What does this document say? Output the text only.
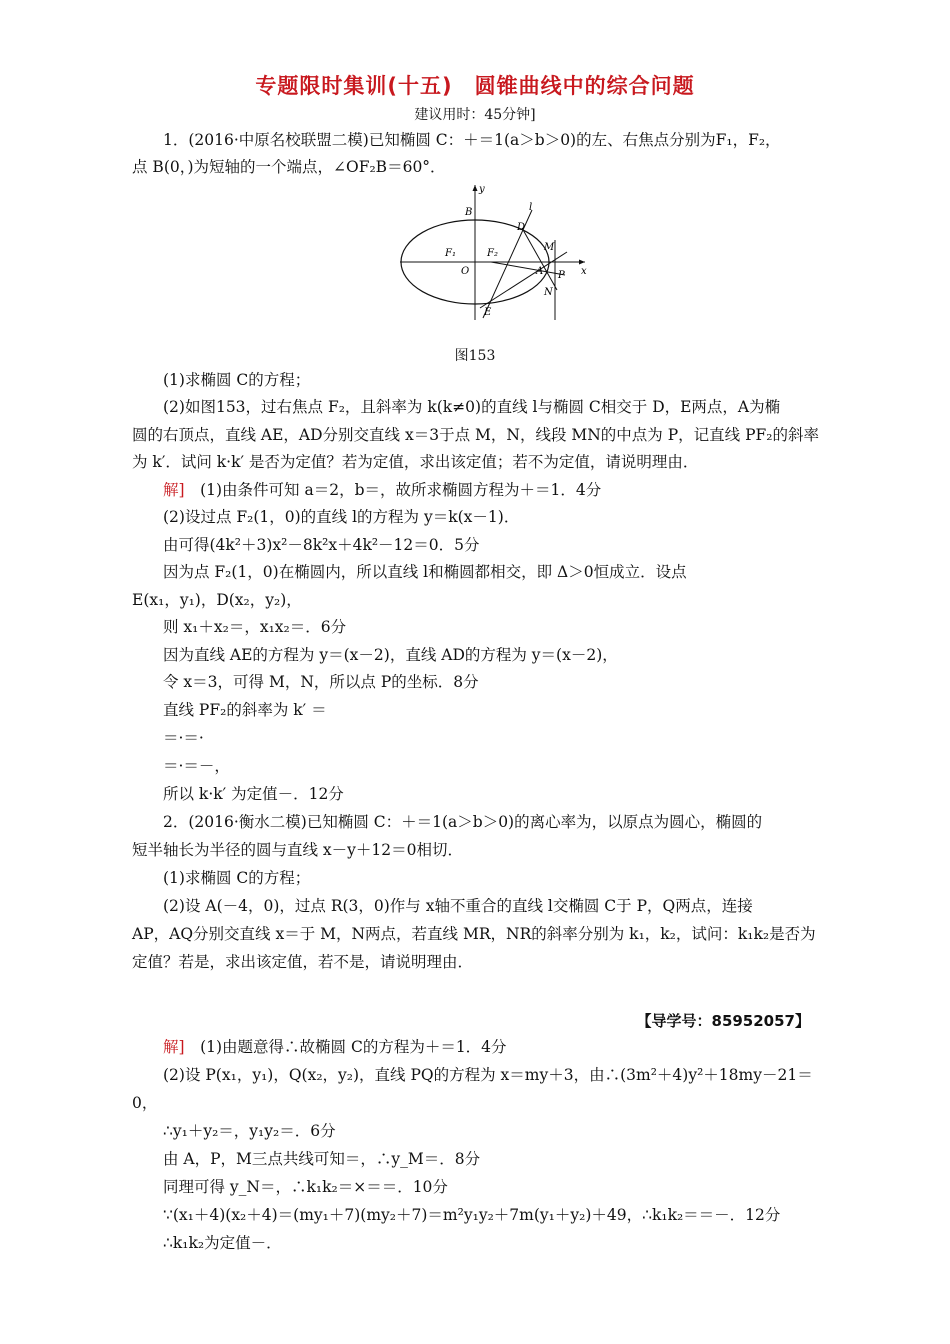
专题限时集训(十五)　圆锥曲线中的综合问题
建议用时：45分钟]
1．(2016·中原名校联盟二模)已知椭圆 C：＋＝1(a＞b＞0)的左、右焦点分别为F₁，F₂，
点 B(0，)为短轴的一个端点，∠OF₂B＝60°．
y
x
B	l
D
M
F₁	F₂
O	A P
N
E
图153
(1)求椭圆 C的方程；
(2)如图153，过右焦点 F₂，且斜率为 k(k≠0)的直线 l与椭圆 C相交于 D，E两点，A为椭
圆的右顶点，直线 AE，AD分别交直线 x＝3于点 M，N，线段 MN的中点为 P，记直线 PF₂的斜率
为 k′．试问 k·k′ 是否为定值？若为定值，求出该定值；若不为定值，请说明理由．
解]　 (1)由条件可知 a＝2，b＝，故所求椭圆方程为＋＝1．4分
(2)设过点 F₂(1，0)的直线 l的方程为 y＝k(x－1)．
由可得(4k²＋3)x²－8k²x＋4k²－12＝0．5分
因为点 F₂(1，0)在椭圆内，所以直线 l和椭圆都相交，即 Δ＞0恒成立．设点
E(x₁，y₁)，D(x₂，y₂)，
则 x₁＋x₂＝，x₁x₂＝．6分
因为直线 AE的方程为 y＝(x－2)，直线 AD的方程为 y＝(x－2)，
令 x＝3，可得 M，N，所以点 P的坐标．8分
直线 PF₂的斜率为 k′ ＝
＝·＝·
＝·＝－，
所以 k·k′ 为定值－．12分
2．(2016·衡水二模)已知椭圆 C：＋＝1(a＞b＞0)的离心率为，以原点为圆心，椭圆的
短半轴长为半径的圆与直线 x－y＋12＝0相切．
(1)求椭圆 C的方程；
(2)设 A(－4，0)，过点 R(3，0)作与 x轴不重合的直线 l交椭圆 C于 P，Q两点，连接
AP，AQ分别交直线 x＝于 M，N两点，若直线 MR，NR的斜率分别为 k₁，k₂，试问：k₁k₂是否为
定值？若是，求出该定值，若不是，请说明理由．
【导学号：85952057】
解]　 (1)由题意得∴故椭圆 C的方程为＋＝1．4分
(2)设 P(x₁，y₁)，Q(x₂，y₂)，直线 PQ的方程为 x＝my＋3，由∴(3m²＋4)y²＋18my－21＝
0，
∴y₁＋y₂＝，y₁y₂＝．6分
由 A，P，M三点共线可知＝，∴y_M＝．8分
同理可得 y_N＝，∴k₁k₂＝×＝＝．10分
∵(x₁＋4)(x₂＋4)＝(my₁＋7)(my₂＋7)＝m²y₁y₂＋7m(y₁＋y₂)＋49，∴k₁k₂＝＝－．12分
∴k₁k₂为定值－．
